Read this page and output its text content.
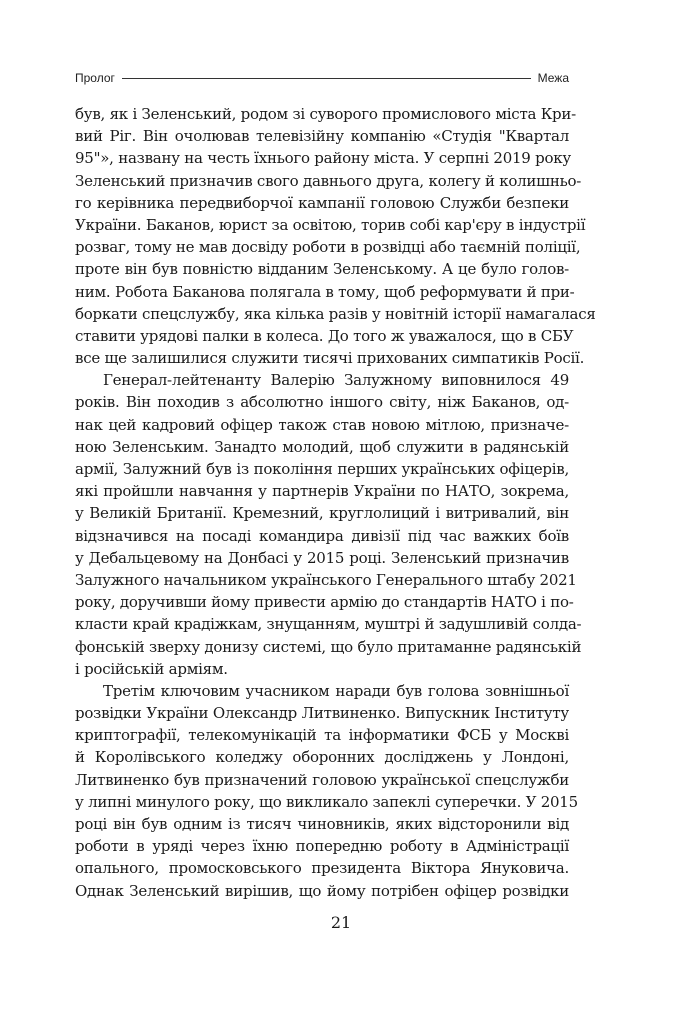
Пролог	Межа
був, як і Зеленський, родом зі суворого промислового міста Кри-
вий Ріг. Він очолював телевізійну компанію «Студія "Квартал
95"», названу на честь їхнього району міста. У серпні 2019 року
Зеленський призначив свого давнього друга, колегу й колишньо-
го керівника передвиборчої кампанії головою Служби безпеки
України. Баканов, юрист за освітою, торив собі кар'єру в індустрії
розваг, тому не мав досвіду роботи в розвідці або таємній поліції,
проте він був повністю відданим Зеленському. А це було голов-
ним. Робота Баканова полягала в тому, щоб реформувати й при-
боркати спецслужбу, яка кілька разів у новітній історії намагалася
ставити урядові палки в колеса. До того ж уважалося, що в СБУ
все ще залишилися служити тисячі прихованих симпатиків Росії.
Генерал-лейтенанту Валерію Залужному виповнилося 49
років. Він походив з абсолютно іншого світу, ніж Баканов, од-
нак цей кадровий офіцер також став новою мітлою, призначе-
ною Зеленським. Занадто молодий, щоб служити в радянській
армії, Залужний був із покоління перших українських офіцерів,
які пройшли навчання у партнерів України по НАТО, зокрема,
у Великій Британії. Кремезний, круглолиций і витривалий, він
відзначився на посаді командира дивізії під час важких боїв
у Дебальцевому на Донбасі у 2015 році. Зеленський призначив
Залужного начальником українського Генерального штабу 2021
року, доручивши йому привести армію до стандартів НАТО і по-
класти край крадіжкам, знущанням, муштрі й задушливій солда-
фонській зверху донизу системі, що було притаманне радянській
і російській арміям.
Третім ключовим учасником наради був голова зовнішньої
розвідки України Олександр Литвиненко. Випускник Інституту
криптографії, телекомунікацій та інформатики ФСБ у Москві
й Королівського коледжу оборонних досліджень у Лондоні,
Литвиненко був призначений головою української спецслужби
у липні минулого року, що викликало запеклі суперечки. У 2015
році він був одним із тисяч чиновників, яких відсторонили від
роботи в уряді через їхню попередню роботу в Адміністрації
опального, промосковського президента Віктора Януковича.
Однак Зеленський вирішив, що йому потрібен офіцер розвідки
21
